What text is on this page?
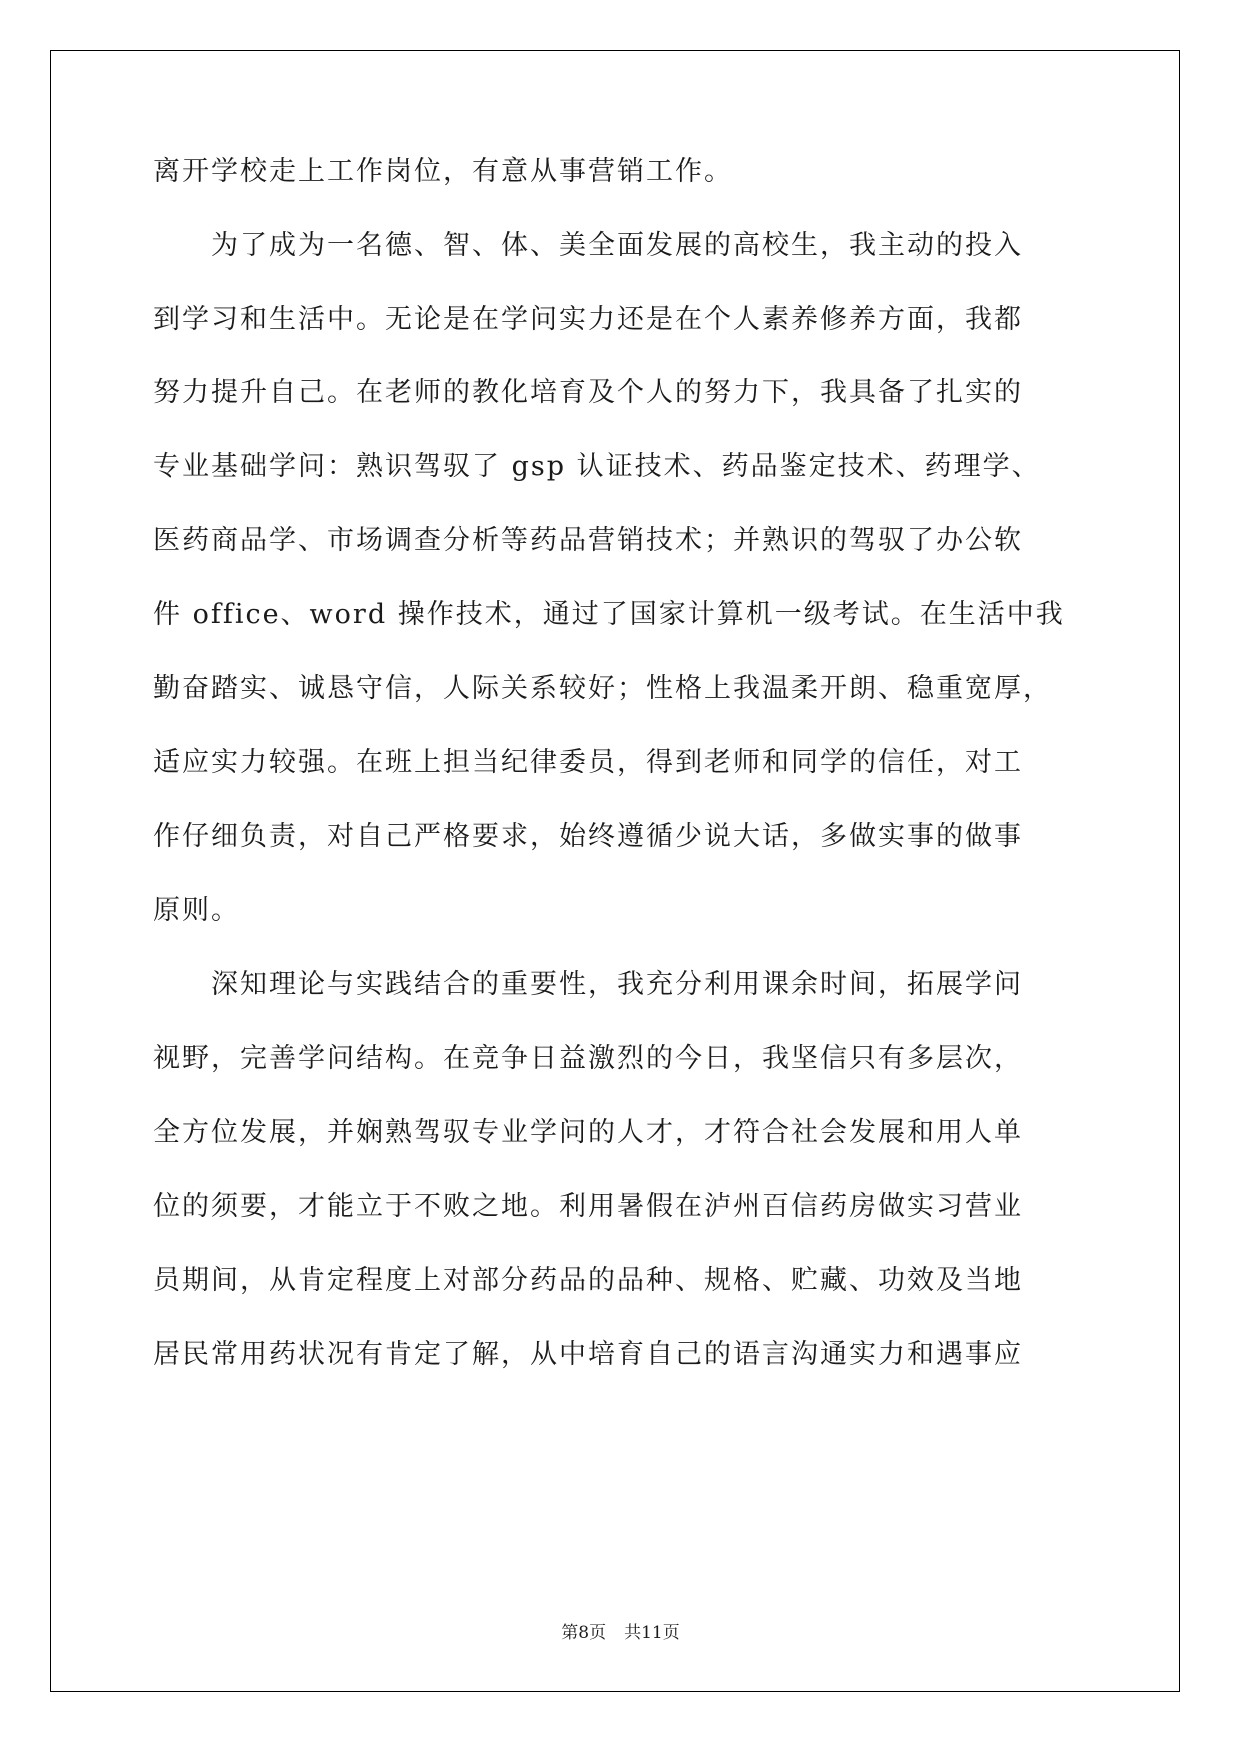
离开学校走上工作岗位，有意从事营销工作。
　　为了成为一名德、智、体、美全面发展的高校生，我主动的投入
到学习和生活中。无论是在学问实力还是在个人素养修养方面，我都
努力提升自己。在老师的教化培育及个人的努力下，我具备了扎实的
专业基础学问：熟识驾驭了 gsp 认证技术、药品鉴定技术、药理学、
医药商品学、市场调查分析等药品营销技术；并熟识的驾驭了办公软
件 office、word 操作技术，通过了国家计算机一级考试。在生活中我
勤奋踏实、诚恳守信，人际关系较好；性格上我温柔开朗、稳重宽厚，
适应实力较强。在班上担当纪律委员，得到老师和同学的信任，对工
作仔细负责，对自己严格要求，始终遵循少说大话，多做实事的做事
原则。
　　深知理论与实践结合的重要性，我充分利用课余时间，拓展学问
视野，完善学问结构。在竞争日益激烈的今日，我坚信只有多层次，
全方位发展，并娴熟驾驭专业学问的人才，才符合社会发展和用人单
位的须要，才能立于不败之地。利用暑假在泸州百信药房做实习营业
员期间，从肯定程度上对部分药品的品种、规格、贮藏、功效及当地
居民常用药状况有肯定了解，从中培育自己的语言沟通实力和遇事应
第8页 共11页
